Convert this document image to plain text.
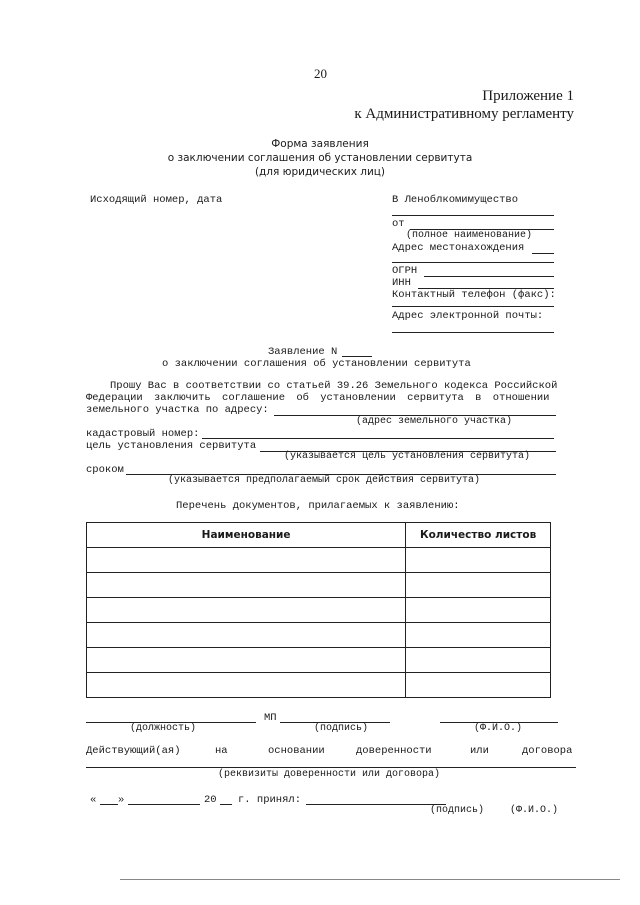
20
Приложение 1
к Административному регламенту
Форма заявления
о заключении соглашения об установлении сервитута
(для юридических лиц)
Исходящий номер, дата	В Леноблкомимущество
от
(полное наименование)
Адрес местонахождения
ОГРН
ИНН
Контактный телефон (факс):
Адрес электронной почты:
Заявление N
о заключении соглашения об установлении сервитута
Прошу Вас в соответствии со статьей 39.26 Земельного кодекса Российской
Федерации заключить соглашение об установлении сервитута в отношении
земельного участка по адресу:
(адрес земельного участка)
кадастровый номер:
цель установления сервитута
(указывается цель установления сервитута)
сроком
(указывается предполагаемый срок действия сервитута)
Перечень документов, прилагаемых к заявлению:
Наименование	Количество листов

МП
(должность)	(подпись)	(Ф.И.О.)
Действующий(ая)	на	основании	доверенности	или	договора
(реквизиты доверенности или договора)
« »	20 г. принял:
(подпись)	(Ф.И.О.)
